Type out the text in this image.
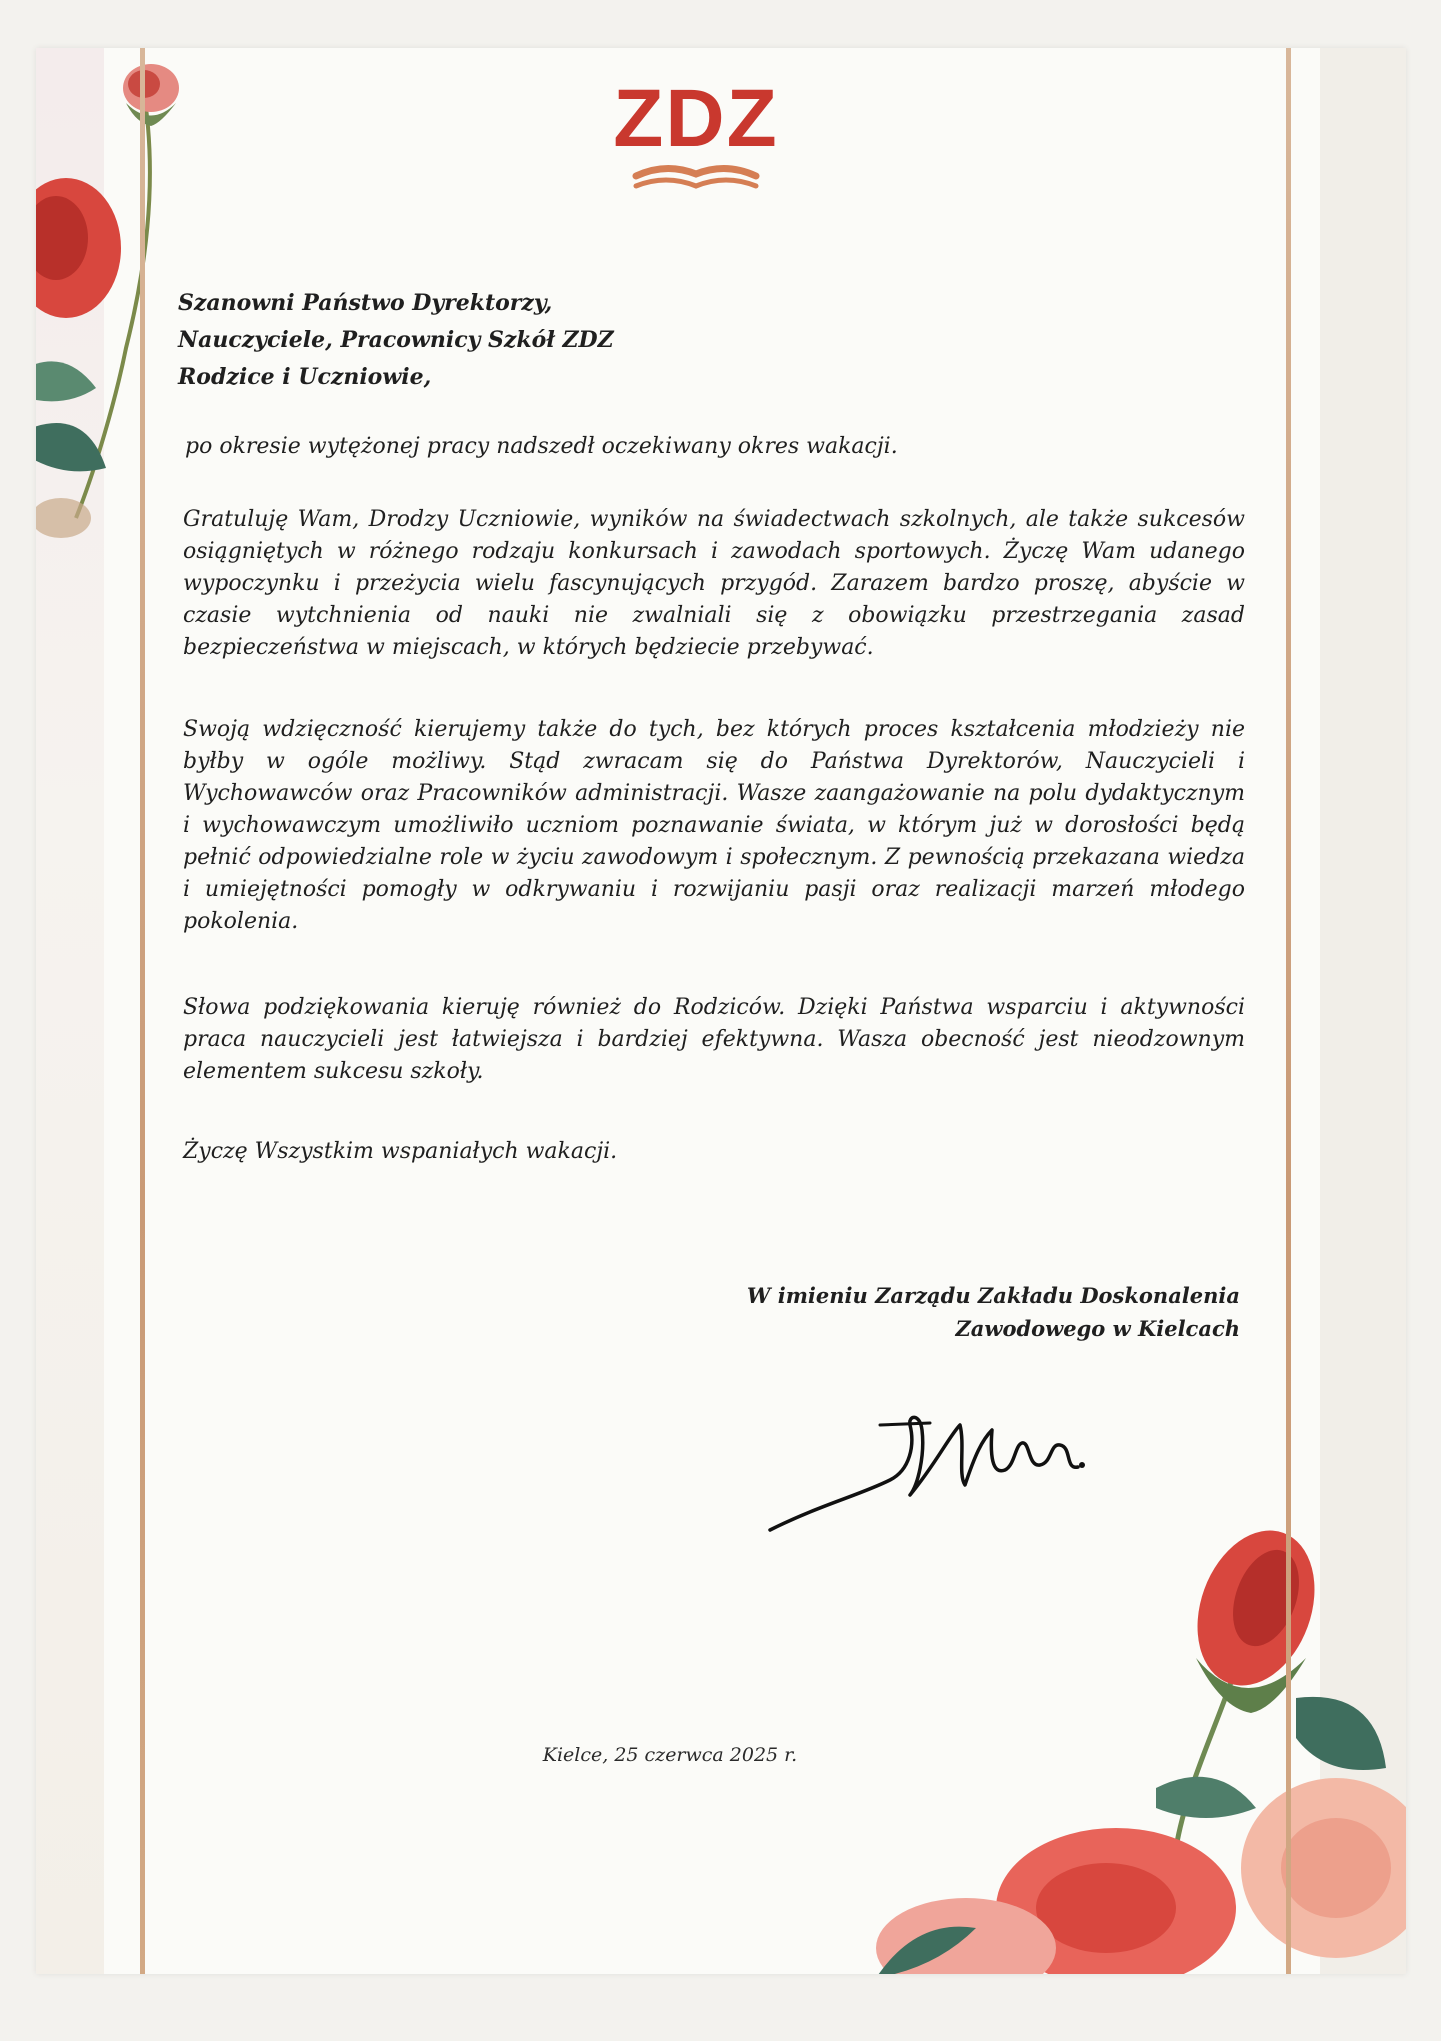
ZDZ
Szanowni Państwo Dyrektorzy,
Nauczyciele, Pracownicy Szkół ZDZ
Rodzice i Uczniowie,

po okresie wytężonej pracy nadszedł oczekiwany okres wakacji.

Gratuluję Wam, Drodzy Uczniowie, wyników na świadectwach szkolnych, ale także sukcesów osiągniętych w różnego rodzaju konkursach i zawodach sportowych. Życzę Wam udanego wypoczynku i przeżycia wielu fascynujących przygód. Zarazem bardzo proszę, abyście w czasie wytchnienia od nauki nie zwalniali się z obowiązku przestrzegania zasad bezpieczeństwa w miejscach, w których będziecie przebywać.

Swoją wdzięczność kierujemy także do tych, bez których proces kształcenia młodzieży nie byłby w ogóle możliwy. Stąd zwracam się do Państwa Dyrektorów, Nauczycieli i Wychowawców oraz Pracowników administracji. Wasze zaangażowanie na polu dydaktycznym i wychowawczym umożliwiło uczniom poznawanie świata, w którym już w dorosłości będą pełnić odpowiedzialne role w życiu zawodowym i społecznym. Z pewnością przekazana wiedza i umiejętności pomogły w odkrywaniu i rozwijaniu pasji oraz realizacji marzeń młodego pokolenia.

Słowa podziękowania kieruję również do Rodziców. Dzięki Państwa wsparciu i aktywności praca nauczycieli jest łatwiejsza i bardziej efektywna. Wasza obecność jest nieodzownym elementem sukcesu szkoły.

Życzę Wszystkim wspaniałych wakacji.

W imieniu Zarządu Zakładu Doskonalenia
Zawodowego w Kielcach
Kielce, 25 czerwca 2025 r.
